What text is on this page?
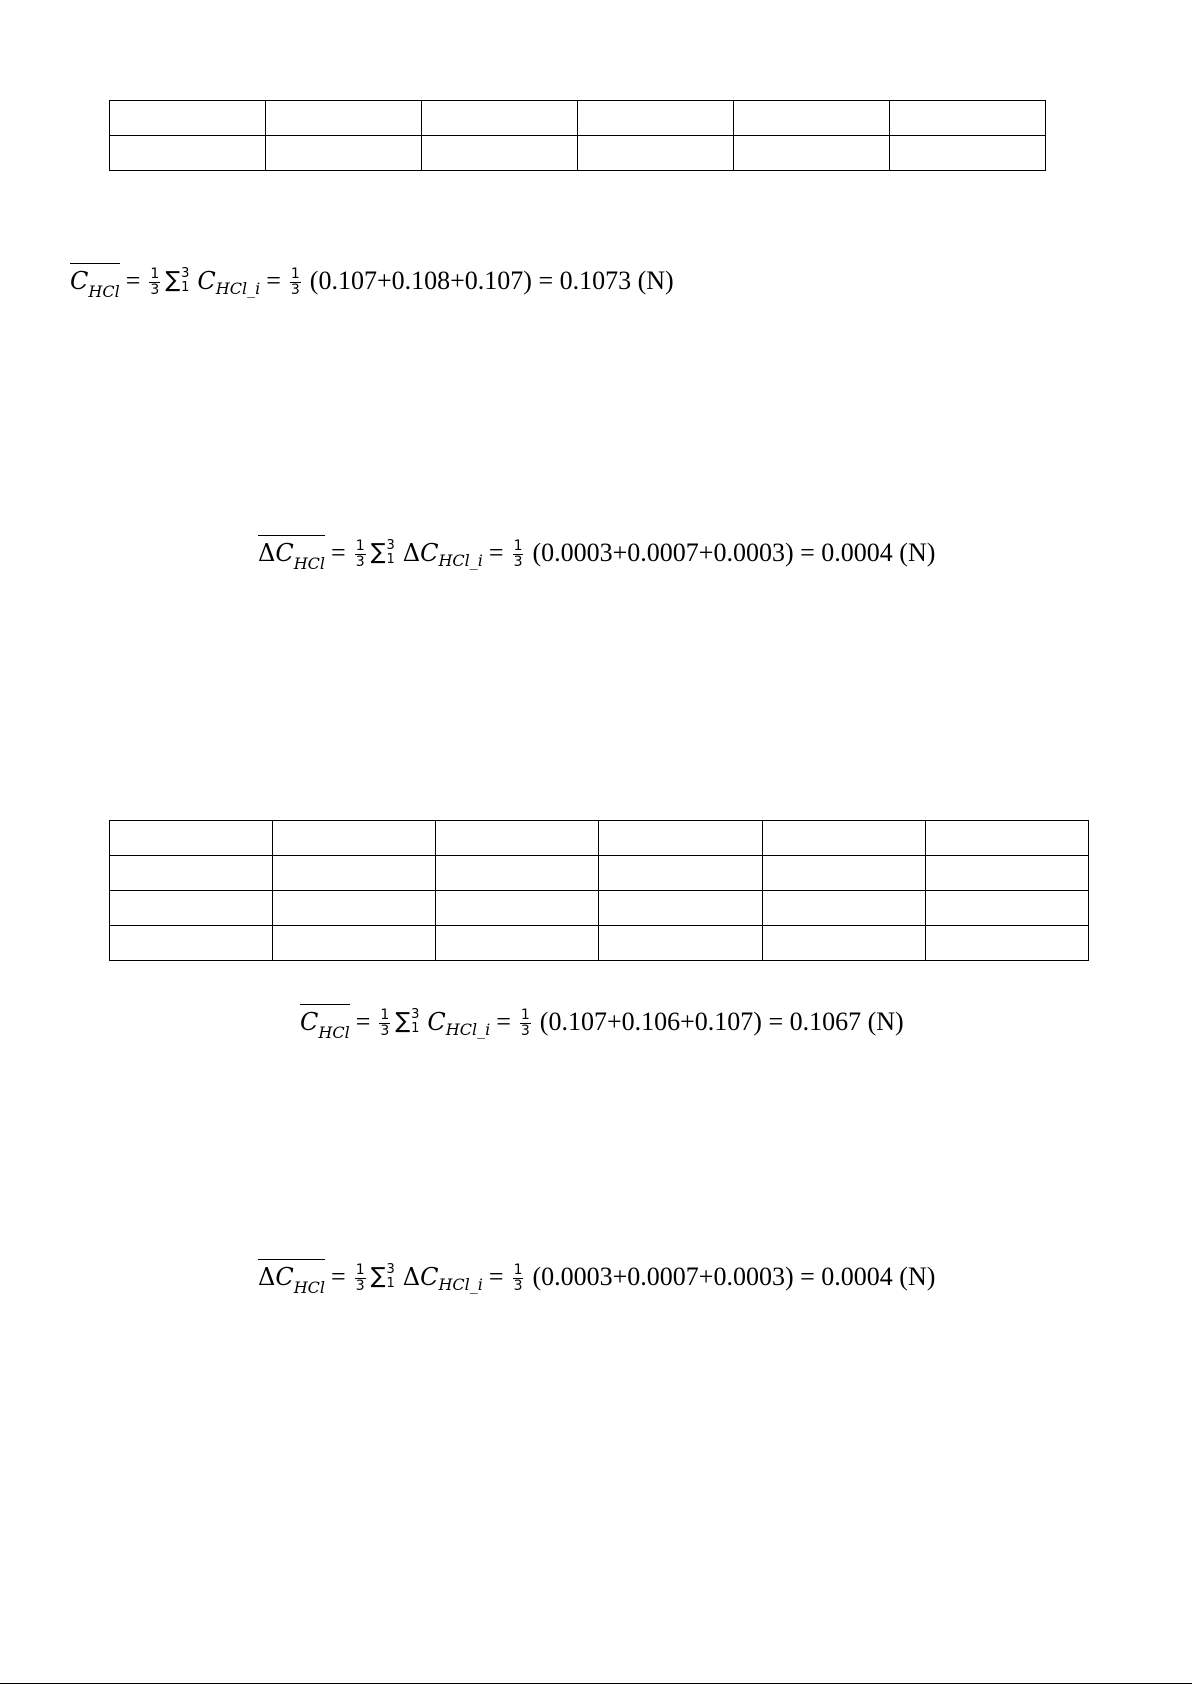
C HCl = $\frac{1}{3}$ ∑ 3
1 C HCl_i = $\frac{1}{3} (0.107+0.108+0.107) = 0.1073$ (N)
Δ C HCl = $\frac{1}{3}$ ∑ 3
1 Δ C HCl_i = $\frac{1}{3} (0.0003+0.0007+0.0003) = 0.0004$ (N)

C HCl = $\frac{1}{3}$ ∑ 3
1 C HCl_i = $\frac{1}{3} (0.107+0.106+0.107) = 0.1067$ (N)
Δ C HCl = $\frac{1}{3}$ ∑ 3
1 Δ C HCl_i = $\frac{1}{3} (0.0003+0.0007+0.0003) = 0.0004$ (N)
